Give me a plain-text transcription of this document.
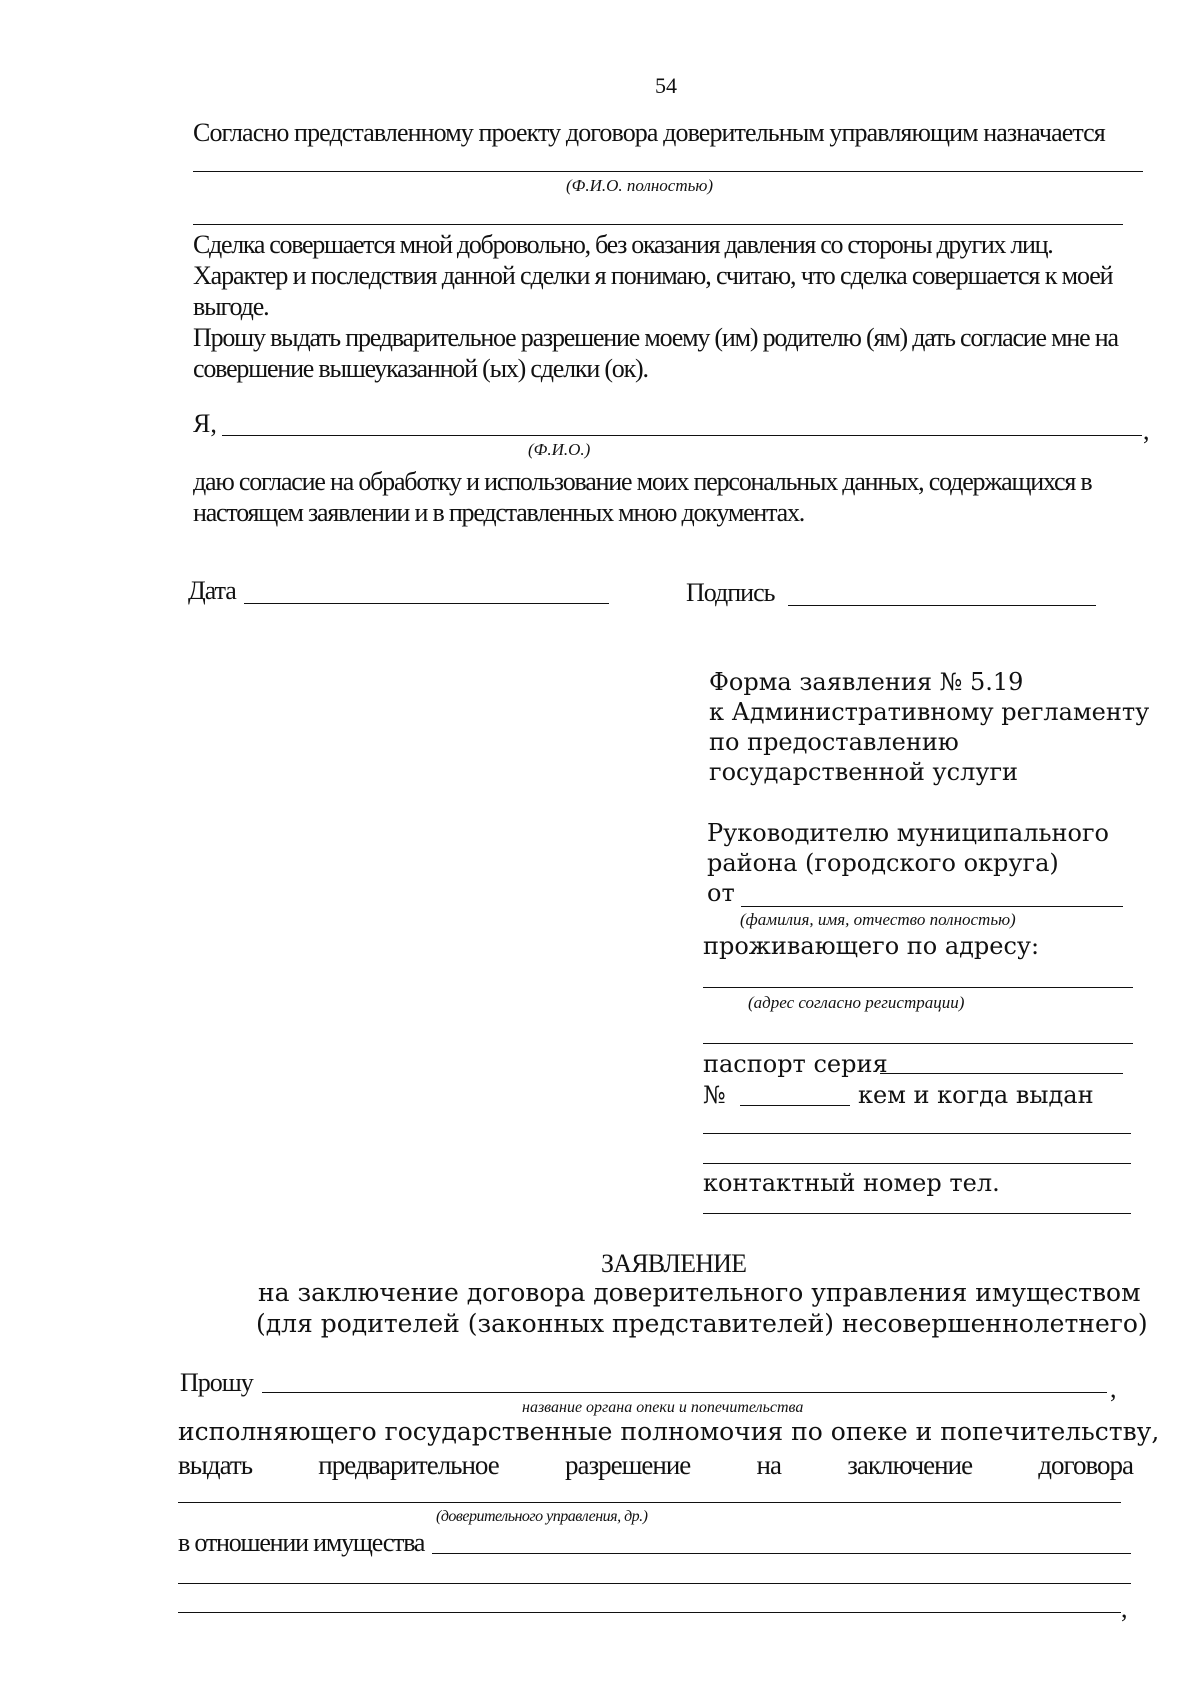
54
Согласно представленному проекту договора доверительным управляющим назначается
(Ф.И.О. полностью)
Сделка совершается мной добровольно, без оказания давления со стороны других лиц.
Характер и последствия данной сделки я понимаю, считаю, что сделка совершается к моей выгоде.
Прошу выдать предварительное разрешение моему (им) родителю (ям) дать согласие мне на совершение вышеуказанной (ых) сделки (ок).
Я,	,
(Ф.И.О.)
даю согласие на обработку и использование моих персональных данных, содержащихся в настоящем заявлении и в представленных мною документах.
Дата	Подпись
Форма заявления № 5.19
к Административному регламенту
по предоставлению
государственной услуги
Руководителю муниципального
района (городского округа)
от
(фамилия, имя, отчество полностью)
проживающего по адресу:
(адрес согласно регистрации)
паспорт серия
№	кем и когда выдан
контактный номер тел.
ЗАЯВЛЕНИЕ
на заключение договора доверительного управления имуществом
(для родителей (законных представителей) несовершеннолетнего)
Прошу	,
название органа опеки и попечительства
исполняющего государственные полномочия по опеке и попечительству,
выдать предварительное разрешение на заключение договора
(доверительного управления, др.)
в отношении имущества
,
